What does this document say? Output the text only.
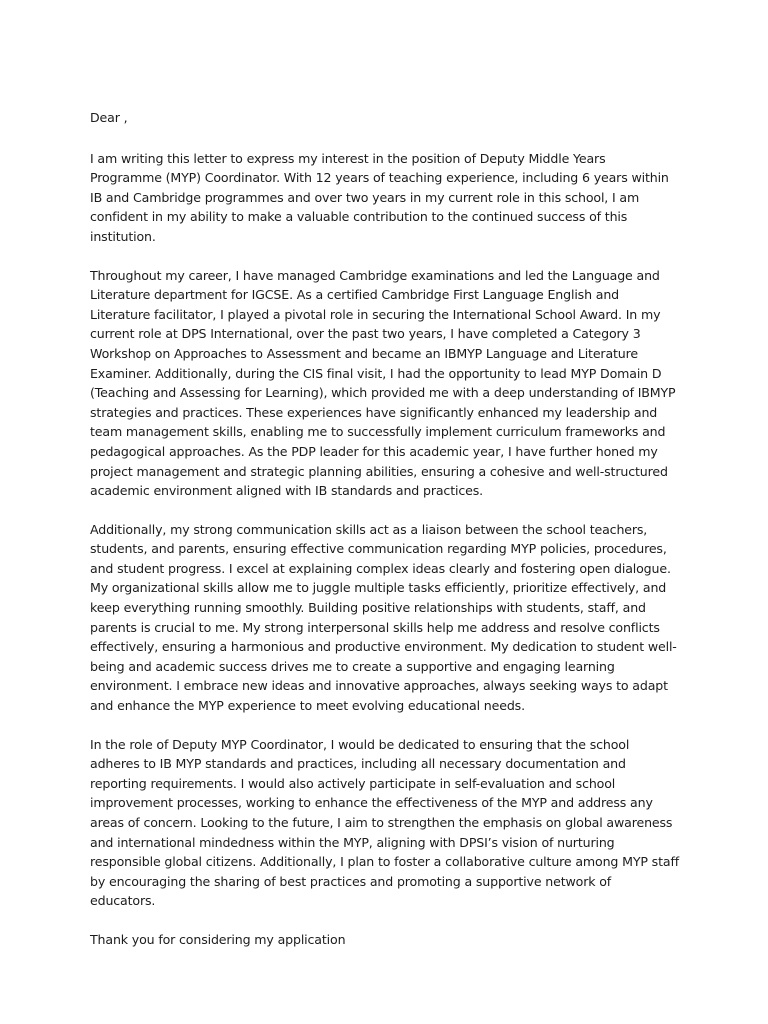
Dear ,

I am writing this letter to express my interest in the position of Deputy Middle Years Programme (MYP) Coordinator. With 12 years of teaching experience, including 6 years within IB and Cambridge programmes and over two years in my current role in this school, I am confident in my ability to make a valuable contribution to the continued success of this institution.

Throughout my career, I have managed Cambridge examinations and led the Language and Literature department for IGCSE. As a certified Cambridge First Language English and Literature facilitator, I played a pivotal role in securing the International School Award. In my current role at DPS International, over the past two years, I have completed a Category 3 Workshop on Approaches to Assessment and became an IBMYP Language and Literature Examiner. Additionally, during the CIS final visit, I had the opportunity to lead MYP Domain D (Teaching and Assessing for Learning), which provided me with a deep understanding of IBMYP strategies and practices. These experiences have significantly enhanced my leadership and team management skills, enabling me to successfully implement curriculum frameworks and pedagogical approaches. As the PDP leader for this academic year, I have further honed my project management and strategic planning abilities, ensuring a cohesive and well-structured academic environment aligned with IB standards and practices.

Additionally, my strong communication skills act as a liaison between the school teachers, students, and parents, ensuring effective communication regarding MYP policies, procedures, and student progress. I excel at explaining complex ideas clearly and fostering open dialogue. My organizational skills allow me to juggle multiple tasks efficiently, prioritize effectively, and keep everything running smoothly. Building positive relationships with students, staff, and parents is crucial to me. My strong interpersonal skills help me address and resolve conflicts effectively, ensuring a harmonious and productive environment. My dedication to student well-being and academic success drives me to create a supportive and engaging learning environment. I embrace new ideas and innovative approaches, always seeking ways to adapt and enhance the MYP experience to meet evolving educational needs.

In the role of Deputy MYP Coordinator, I would be dedicated to ensuring that the school adheres to IB MYP standards and practices, including all necessary documentation and reporting requirements. I would also actively participate in self-evaluation and school improvement processes, working to enhance the effectiveness of the MYP and address any areas of concern. Looking to the future, I aim to strengthen the emphasis on global awareness and international mindedness within the MYP, aligning with DPSI’s vision of nurturing responsible global citizens. Additionally, I plan to foster a collaborative culture among MYP staff by encouraging the sharing of best practices and promoting a supportive network of educators.

Thank you for considering my application
